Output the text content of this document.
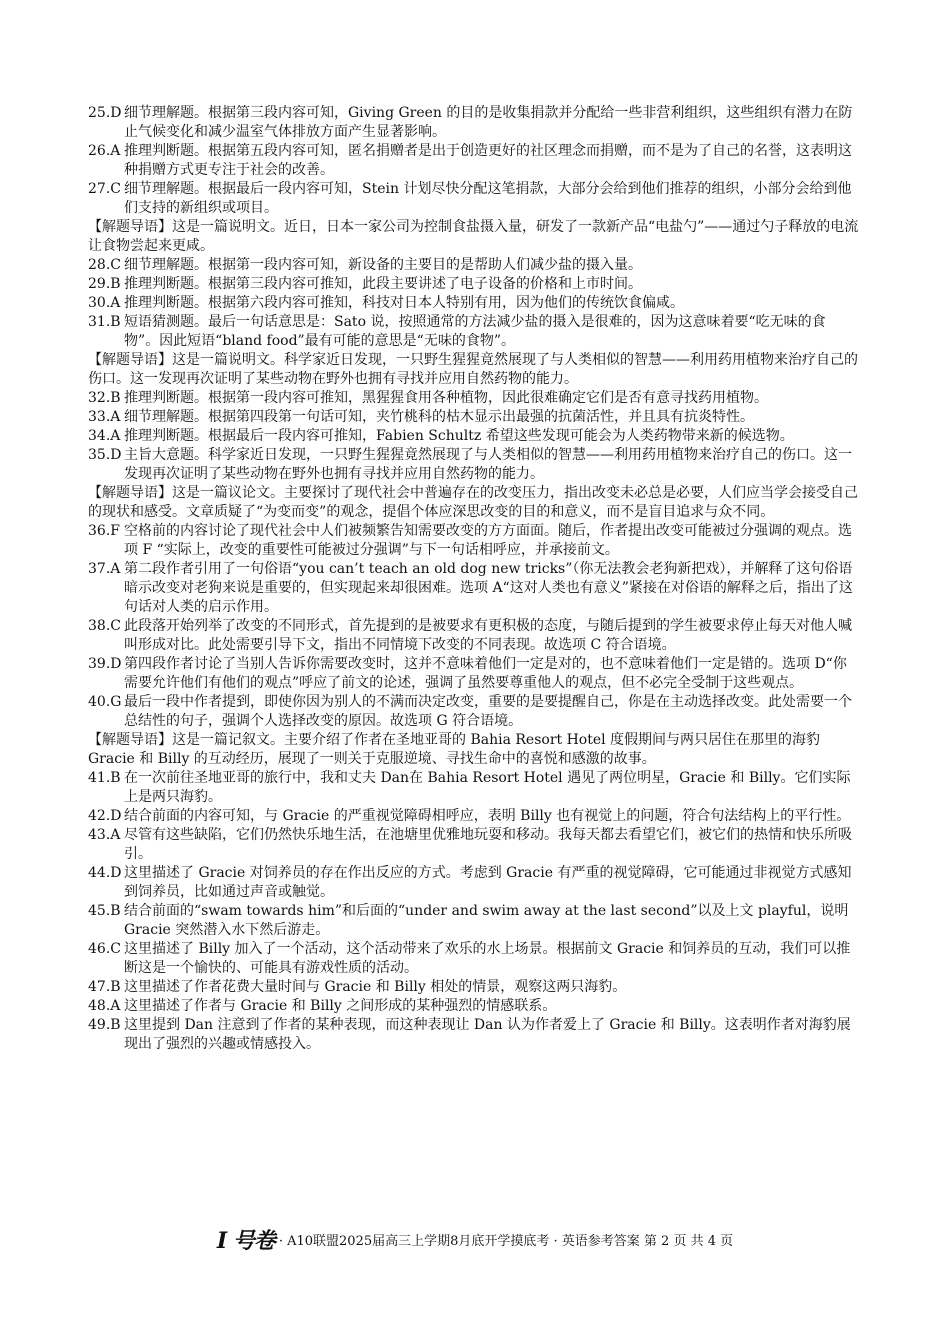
25.D 细节理解题。根据第三段内容可知，Giving Green 的目的是收集捐款并分配给一些非营利组织，这些组织有潜力在防止气候变化和减少温室气体排放方面产生显著影响。

26.A 推理判断题。根据第五段内容可知，匿名捐赠者是出于创造更好的社区理念而捐赠，而不是为了自己的名誉，这表明这种捐赠方式更专注于社会的改善。

27.C 细节理解题。根据最后一段内容可知，Stein 计划尽快分配这笔捐款，大部分会给到他们推荐的组织，小部分会给到他们支持的新组织或项目。

【解题导语】这是一篇说明文。近日，日本一家公司为控制食盐摄入量，研发了一款新产品“电盐勺”——通过勺子释放的电流让食物尝起来更咸。

28.C 细节理解题。根据第一段内容可知，新设备的主要目的是帮助人们减少盐的摄入量。

29.B 推理判断题。根据第三段内容可推知，此段主要讲述了电子设备的价格和上市时间。

30.A 推理判断题。根据第六段内容可推知，科技对日本人特别有用，因为他们的传统饮食偏咸。

31.B 短语猜测题。最后一句话意思是：Sato 说，按照通常的方法减少盐的摄入是很难的，因为这意味着要“吃无味的食物”。因此短语“bland food”最有可能的意思是“无味的食物”。

【解题导语】这是一篇说明文。科学家近日发现，一只野生猩猩竟然展现了与人类相似的智慧——利用药用植物来治疗自己的伤口。这一发现再次证明了某些动物在野外也拥有寻找并应用自然药物的能力。

32.B 推理判断题。根据第一段内容可推知，黑猩猩食用各种植物，因此很难确定它们是否有意寻找药用植物。

33.A 细节理解题。根据第四段第一句话可知，夹竹桃科的枯木显示出最强的抗菌活性，并且具有抗炎特性。

34.A 推理判断题。根据最后一段内容可推知，Fabien Schultz 希望这些发现可能会为人类药物带来新的候选物。

35.D 主旨大意题。科学家近日发现，一只野生猩猩竟然展现了与人类相似的智慧——利用药用植物来治疗自己的伤口。这一发现再次证明了某些动物在野外也拥有寻找并应用自然药物的能力。

【解题导语】这是一篇议论文。主要探讨了现代社会中普遍存在的改变压力，指出改变未必总是必要，人们应当学会接受自己的现状和感受。文章质疑了“为变而变”的观念，提倡个体应深思改变的目的和意义，而不是盲目追求与众不同。

36.F 空格前的内容讨论了现代社会中人们被频繁告知需要改变的方方面面。随后，作者提出改变可能被过分强调的观点。选项 F “实际上，改变的重要性可能被过分强调”与下一句话相呼应，并承接前文。

37.A 第二段作者引用了一句俗语“you can’t teach an old dog new tricks”（你无法教会老狗新把戏），并解释了这句俗语暗示改变对老狗来说是重要的，但实现起来却很困难。选项 A“这对人类也有意义”紧接在对俗语的解释之后，指出了这句话对人类的启示作用。

38.C 此段落开始列举了改变的不同形式，首先提到的是被要求有更积极的态度，与随后提到的学生被要求停止每天对他人喊叫形成对比。此处需要引导下文，指出不同情境下改变的不同表现。故选项 C 符合语境。

39.D 第四段作者讨论了当别人告诉你需要改变时，这并不意味着他们一定是对的，也不意味着他们一定是错的。选项 D“你需要允许他们有他们的观点”呼应了前文的论述，强调了虽然要尊重他人的观点，但不必完全受制于这些观点。

40.G 最后一段中作者提到，即使你因为别人的不满而决定改变，重要的是要提醒自己，你是在主动选择改变。此处需要一个总结性的句子，强调个人选择改变的原因。故选项 G 符合语境。

【解题导语】这是一篇记叙文。主要介绍了作者在圣地亚哥的 Bahia Resort Hotel 度假期间与两只居住在那里的海豹 Gracie 和 Billy 的互动经历，展现了一则关于克服逆境、寻找生命中的喜悦和感激的故事。

41.B 在一次前往圣地亚哥的旅行中，我和丈夫 Dan在 Bahia Resort Hotel 遇见了两位明星，Gracie 和 Billy。它们实际上是两只海豹。

42.D 结合前面的内容可知，与 Gracie 的严重视觉障碍相呼应，表明 Billy 也有视觉上的问题，符合句法结构上的平行性。

43.A 尽管有这些缺陷，它们仍然快乐地生活，在池塘里优雅地玩耍和移动。我每天都去看望它们，被它们的热情和快乐所吸引。

44.D 这里描述了 Gracie 对饲养员的存在作出反应的方式。考虑到 Gracie 有严重的视觉障碍，它可能通过非视觉方式感知到饲养员，比如通过声音或触觉。

45.B 结合前面的“swam towards him”和后面的“under and swim away at the last second”以及上文 playful，说明 Gracie 突然潜入水下然后游走。

46.C 这里描述了 Billy 加入了一个活动，这个活动带来了欢乐的水上场景。根据前文 Gracie 和饲养员的互动，我们可以推断这是一个愉快的、可能具有游戏性质的活动。

47.B 这里描述了作者花费大量时间与 Gracie 和 Billy 相处的情景，观察这两只海豹。

48.A 这里描述了作者与 Gracie 和 Billy 之间形成的某种强烈的情感联系。

49.B 这里提到 Dan 注意到了作者的某种表现，而这种表现让 Dan 认为作者爱上了 Gracie 和 Billy。这表明作者对海豹展现出了强烈的兴趣或情感投入。

I 号卷 · A10联盟2025届高三上学期8月底开学摸底考 · 英语参考答案 第 2 页 共 4 页
